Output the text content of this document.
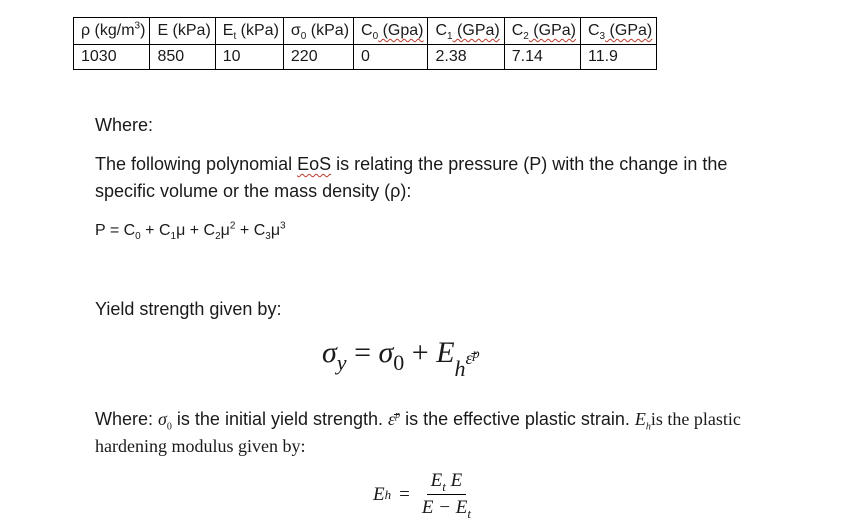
ρ $(kg/m^3)$	E (kPa)	$E_t$ (kPa)	$\sigma_0$ (kPa)	$C_0$ (Gpa)	$C_1$ (GPa)	$C_2$ (GPa)	$C_3$ (GPa)
1030	850	10	220	0	2.38	7.14	11.9
Where:
The following polynomial EoS is relating the pressure (P) with the change in the specific volume or the mass density (ρ):
$P = C_0 + C_1\mu + C_2\mu^2 + C_3\mu^3$
Yield strength given by:
$\sigma_y = \sigma_0$ + $E_h\varepsilon̄p$
Where: $\sigma_0$ is the initial yield strength. ε̄$^p$ is the effective plastic strain. $E_his$ the plastic hardening modulus given by:
E $h = \frac{E_t E}{E - E_t}$
